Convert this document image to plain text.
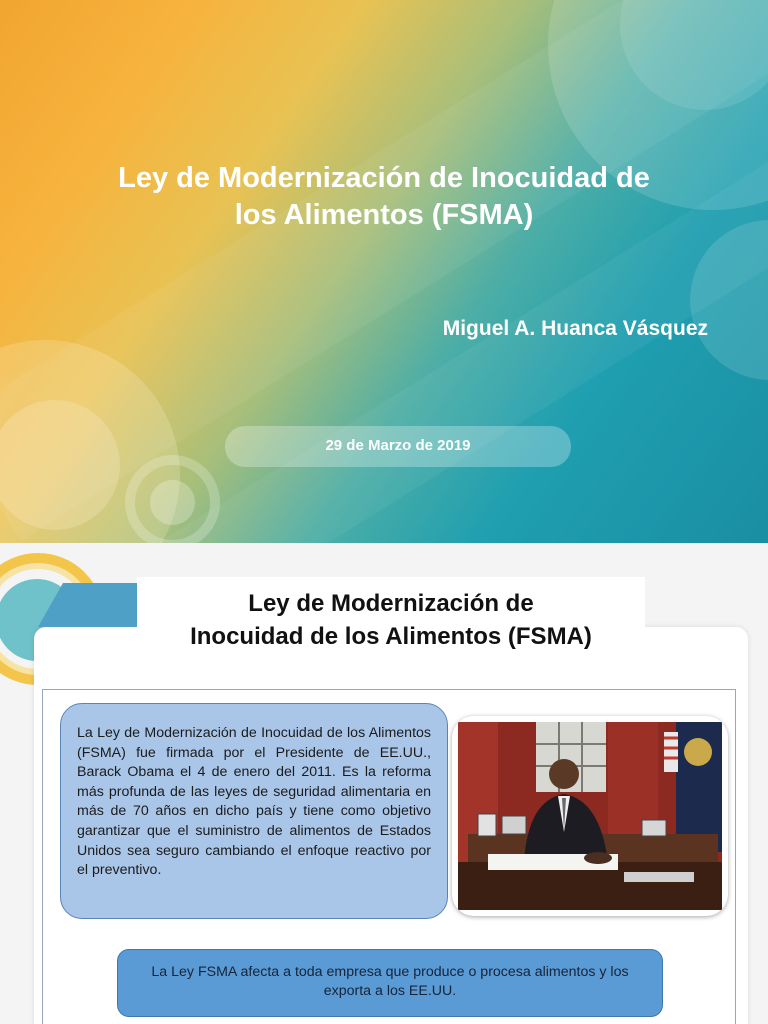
Ley de Modernización de Inocuidad de
los Alimentos (FSMA)
Miguel A. Huanca Vásquez
29 de Marzo de 2019
Ley de Modernización de
Inocuidad de los Alimentos (FSMA)

La Ley de Modernización de Inocuidad de los Alimentos (FSMA) fue firmada por el Presidente de EE.UU., Barack Obama el 4 de enero del 2011. Es la reforma más profunda de las leyes de seguridad alimentaria en más de 70 años en dicho país y tiene como objetivo garantizar que el suministro de alimentos de Estados Unidos sea seguro cambiando el enfoque reactivo por el preventivo.

La Ley FSMA afecta a toda empresa que produce o procesa alimentos y los exporta a los EE.UU.
